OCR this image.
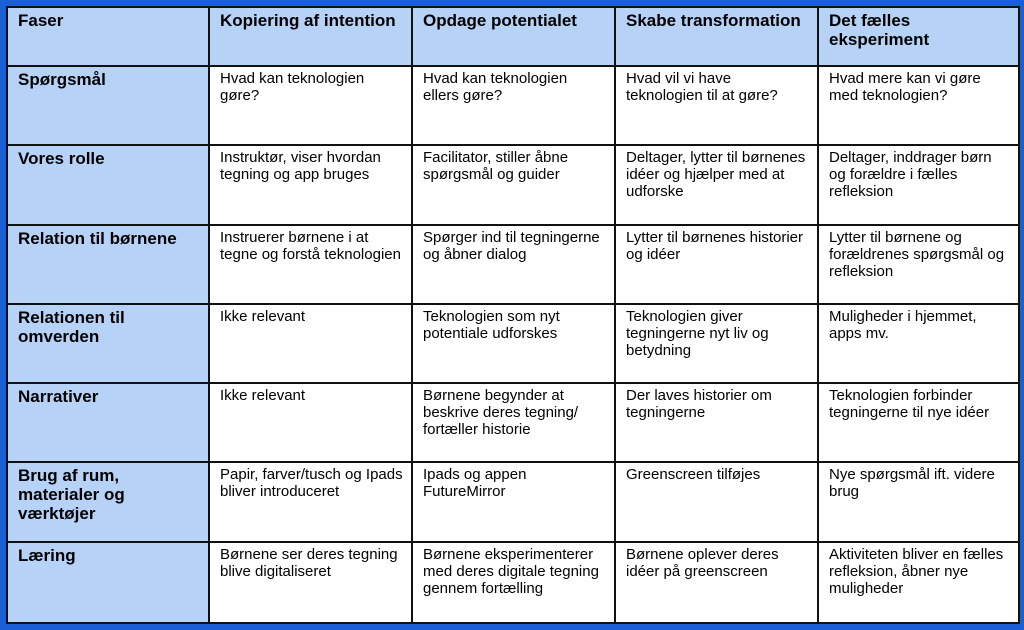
Faser	Kopiering af intention	Opdage potentialet	Skabe transformation	Det fælles eksperiment
Spørgsmål	Hvad kan teknologien gøre?	Hvad kan teknologien ellers gøre?	Hvad vil vi have teknologien til at gøre?	Hvad mere kan vi gøre med teknologien?
Vores rolle	Instruktør, viser hvordan tegning og app bruges	Facilitator, stiller åbne spørgsmål og guider	Deltager, lytter til børnenes idéer og hjælper med at udforske	Deltager, inddrager børn og forældre i fælles refleksion
Relation til børnene	Instruerer børnene i at tegne og forstå teknologien	Spørger ind til tegningerne og åbner dialog	Lytter til børnenes historier og idéer	Lytter til børnene og forældrenes spørgsmål og refleksion
Relationen til omverden	Ikke relevant	Teknologien som nyt potentiale udforskes	Teknologien giver tegningerne nyt liv og betydning	Muligheder i hjemmet, apps mv.
Narrativer	Ikke relevant	Børnene begynder at beskrive deres tegning/ fortæller historie	Der laves historier om tegningerne	Teknologien forbinder tegningerne til nye idéer
Brug af rum, materialer og værktøjer	Papir, farver/tusch og Ipads bliver introduceret	Ipads og appen FutureMirror	Greenscreen tilføjes	Nye spørgsmål ift. videre brug
Læring	Børnene ser deres tegning blive digitaliseret	Børnene eksperimenterer med deres digitale tegning gennem fortælling	Børnene oplever deres idéer på greenscreen	Aktiviteten bliver en fælles refleksion, åbner nye muligheder
